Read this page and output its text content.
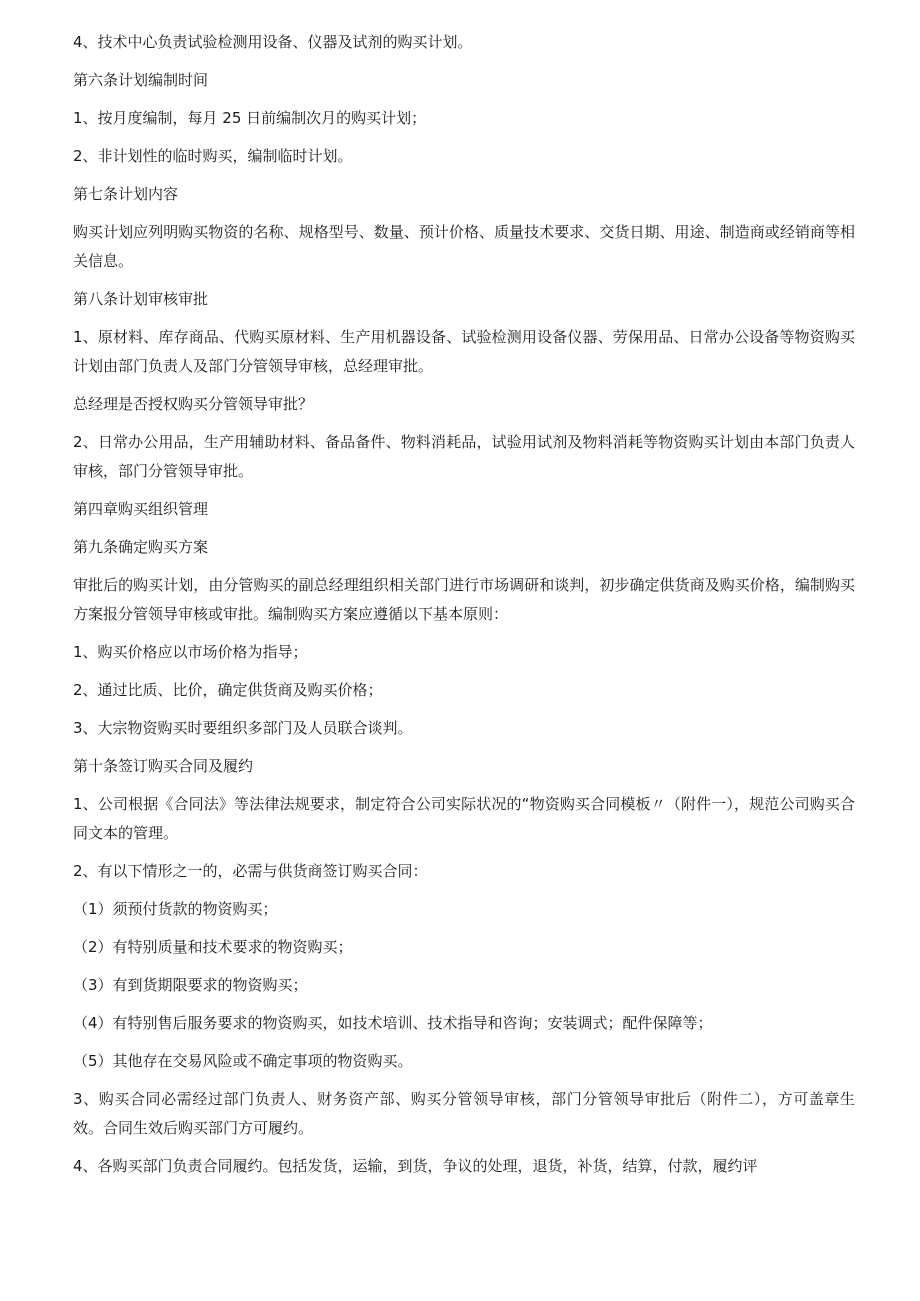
4、技术中心负责试验检测用设备、仪器及试剂的购买计划。

第六条计划编制时间

1、按月度编制，每月 25 日前编制次月的购买计划；

2、非计划性的临时购买，编制临时计划。

第七条计划内容

购买计划应列明购买物资的名称、规格型号、数量、预计价格、质量技术要求、交货日期、用途、制造商或经销商等相关信息。

第八条计划审核审批

1、原材料、库存商品、代购买原材料、生产用机器设备、试验检测用设备仪器、劳保用品、日常办公设备等物资购买计划由部门负责人及部门分管领导审核，总经理审批。

总经理是否授权购买分管领导审批？

2、日常办公用品，生产用辅助材料、备品备件、物料消耗品，试验用试剂及物料消耗等物资购买计划由本部门负责人审核，部门分管领导审批。

第四章购买组织管理

第九条确定购买方案

审批后的购买计划，由分管购买的副总经理组织相关部门进行市场调研和谈判，初步确定供货商及购买价格，编制购买方案报分管领导审核或审批。编制购买方案应遵循以下基本原则：

1、购买价格应以市场价格为指导；

2、通过比质、比价，确定供货商及购买价格；

3、大宗物资购买时要组织多部门及人员联合谈判。

第十条签订购买合同及履约

1、公司根据《合同法》等法律法规要求，制定符合公司实际状况的“物资购买合同模板〃（附件一），规范公司购买合同文本的管理。

2、有以下情形之一的，必需与供货商签订购买合同：

（1）须预付货款的物资购买；

（2）有特别质量和技术要求的物资购买；

（3）有到货期限要求的物资购买；

（4）有特别售后服务要求的物资购买，如技术培训、技术指导和咨询；安装调式；配件保障等；

（5）其他存在交易风险或不确定事项的物资购买。

3、购买合同必需经过部门负责人、财务资产部、购买分管领导审核，部门分管领导审批后（附件二），方可盖章生效。合同生效后购买部门方可履约。

4、各购买部门负责合同履约。包括发货，运输，到货，争议的处理，退货，补货，结算，付款，履约评
